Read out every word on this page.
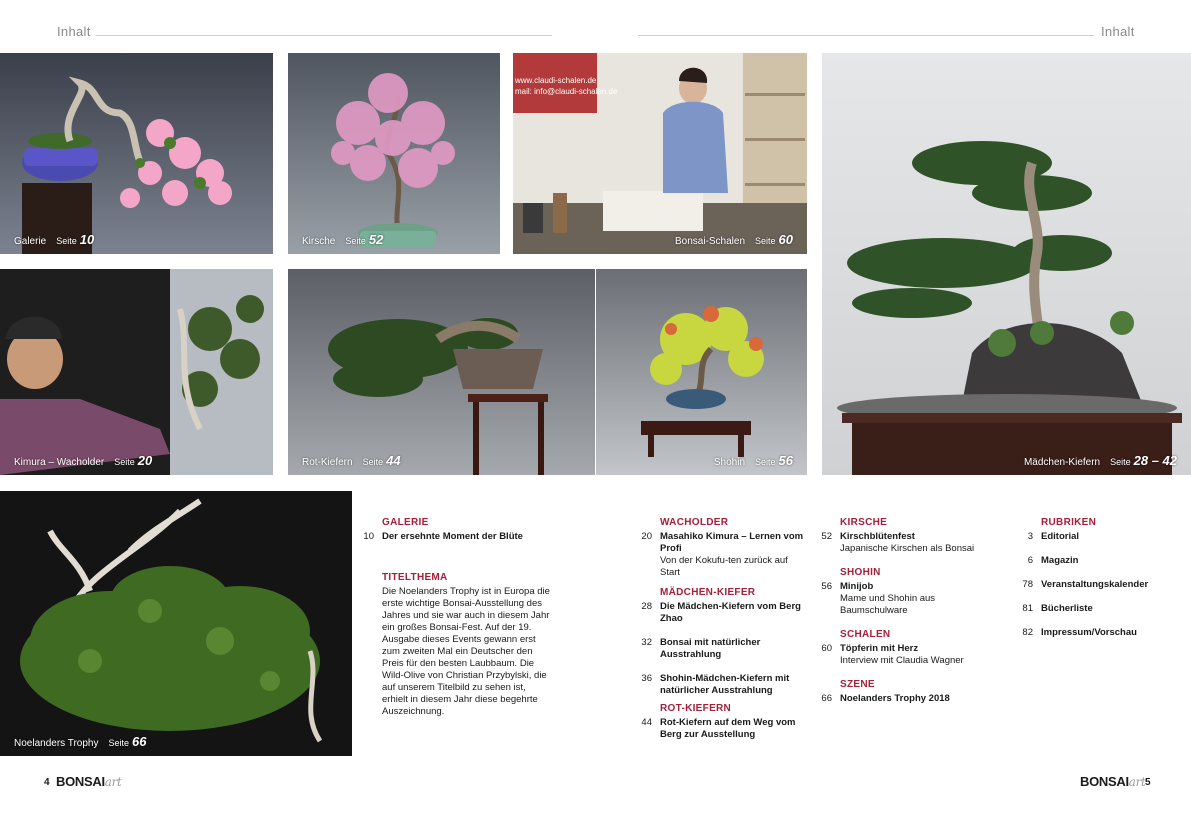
Inhalt	Inhalt
Galerie Seite 10	Kirsche Seite 52
www.claudi-schalen.de
mail: info@claudi-schalen.de
Bonsai-Schalen Seite 60
Kimura – Wacholder Seite 20	Rot-Kiefern Seite 44	Shohin Seite 56	Mädchen-Kiefern Seite 28 – 42
Noelanders Trophy Seite 66
GALERIE
10 Der ersehnte Moment der Blüte
TITELTHEMA
Die Noelanders Trophy ist in Europa die erste wichtige Bonsai-Ausstellung des Jahres und sie war auch in diesem Jahr ein großes Bonsai-Fest. Auf der 19. Ausgabe dieses Events gewann erst zum zweiten Mal ein Deutscher den Preis für den besten Laubbaum. Die Wild-Olive von Christian Przybylski, die auf unserem Titelbild zu sehen ist, erhielt in diesem Jahr diese begehrte Auszeichnung.
WACHOLDER
20 Masahiko Kimura – Lernen vom Profi
Von der Kokufu-ten zurück auf Start
MÄDCHEN-KIEFER
28 Die Mädchen-Kiefern vom Berg Zhao
32 Bonsai mit natürlicher Ausstrahlung
36 Shohin-Mädchen-Kiefern mit natürlicher Ausstrahlung
ROT-KIEFERN
44 Rot-Kiefern auf dem Weg vom Berg zur Ausstellung
KIRSCHE
52 Kirschblütenfest
Japanische Kirschen als Bonsai
SHOHIN
56 Minijob
Mame und Shohin aus Baumschulware
SCHALEN
60 Töpferin mit Herz
Interview mit Claudia Wagner
SZENE
66 Noelanders Trophy 2018
RUBRIKEN
3 Editorial
6 Magazin
78 Veranstaltungskalender
81 Bücherliste
82 Impressum/Vorschau
4 BONSAIart	BONSAIart 5
